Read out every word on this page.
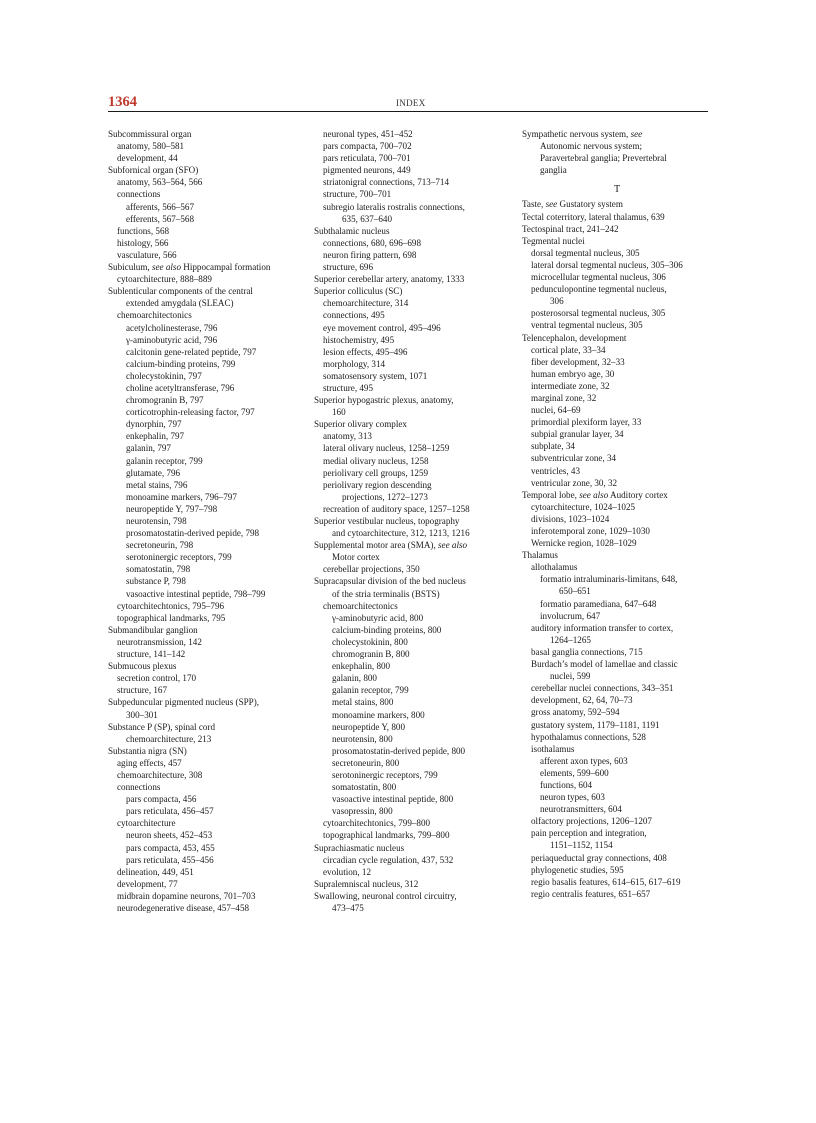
1364	INDEX
Subcommissural organ
anatomy, 580–581
development, 44
Subfornical organ (SFO)
anatomy, 563–564, 566
connections
afferents, 566–567
efferents, 567–568
functions, 568
histology, 566
vasculature, 566
Subiculum, see also Hippocampal formation
cytoarchitecture, 888–889
Sublenticular components of the central
extended amygdala (SLEAC)
chemoarchitectonics
acetylcholinesterase, 796
γ-aminobutyric acid, 796
calcitonin gene-related peptide, 797
calcium-binding proteins, 799
cholecystokinin, 797
choline acetyltransferase, 796
chromogranin B, 797
corticotrophin-releasing factor, 797
dynorphin, 797
enkephalin, 797
galanin, 797
galanin receptor, 799
glutamate, 796
metal stains, 796
monoamine markers, 796–797
neuropeptide Y, 797–798
neurotensin, 798
prosomatostatin-derived pepide, 798
secretoneurin, 798
serotoninergic receptors, 799
somatostatin, 798
substance P, 798
vasoactive intestinal peptide, 798–799
cytoarchitechtonics, 795–796
topographical landmarks, 795
Submandibular ganglion
neurotransmission, 142
structure, 141–142
Submucous plexus
secretion control, 170
structure, 167
Subpeduncular pigmented nucleus (SPP),
300–301
Substance P (SP), spinal cord
chemoarchitecture, 213
Substantia nigra (SN)
aging effects, 457
chemoarchitecture, 308
connections
pars compacta, 456
pars reticulata, 456–457
cytoarchitecture
neuron sheets, 452–453
pars compacta, 453, 455
pars reticulata, 455–456
delineation, 449, 451
development, 77
midbrain dopamine neurons, 701–703
neurodegenerative disease, 457–458
neuronal types, 451–452
pars compacta, 700–702
pars reticulata, 700–701
pigmented neurons, 449
striatonigral connections, 713–714
structure, 700–701
subregio lateralis rostralis connections,
635, 637–640
Subthalamic nucleus
connections, 680, 696–698
neuron firing pattern, 698
structure, 696
Superior cerebellar artery, anatomy, 1333
Superior colliculus (SC)
chemoarchitecture, 314
connections, 495
eye movement control, 495–496
histochemistry, 495
lesion effects, 495–496
morphology, 314
somatosensory system, 1071
structure, 495
Superior hypogastric plexus, anatomy,
160
Superior olivary complex
anatomy, 313
lateral olivary nucleus, 1258–1259
medial olivary nucleus, 1258
periolivary cell groups, 1259
periolivary region descending
projections, 1272–1273
recreation of auditory space, 1257–1258
Superior vestibular nucleus, topography
and cytoarchitecture, 312, 1213, 1216
Supplemental motor area (SMA), see also
Motor cortex
cerebellar projections, 350
Supracapsular division of the bed nucleus
of the stria terminalis (BSTS)
chemoarchitectonics
γ-aminobutyric acid, 800
calcium-binding proteins, 800
cholecystokinin, 800
chromogranin B, 800
enkephalin, 800
galanin, 800
galanin receptor, 799
metal stains, 800
monoamine markers, 800
neuropeptide Y, 800
neurotensin, 800
prosomatostatin-derived pepide, 800
secretoneurin, 800
serotoninergic receptors, 799
somatostatin, 800
vasoactive intestinal peptide, 800
vasopressin, 800
cytoarchitechtonics, 799–800
topographical landmarks, 799–800
Suprachiasmatic nucleus
circadian cycle regulation, 437, 532
evolution, 12
Supralemniscal nucleus, 312
Swallowing, neuronal control circuitry,
473–475
Sympathetic nervous system, see
Autonomic nervous system;
Paravertebral ganglia; Prevertebral
ganglia
T
Taste, see Gustatory system
Tectal coterritory, lateral thalamus, 639
Tectospinal tract, 241–242
Tegmental nuclei
dorsal tegmental nucleus, 305
lateral dorsal tegmental nucleus, 305–306
microcellular tegmental nucleus, 306
pedunculopontine tegmental nucleus,
306
posterosorsal tegmental nucleus, 305
ventral tegmental nucleus, 305
Telencephalon, development
cortical plate, 33–34
fiber development, 32–33
human embryo age, 30
intermediate zone, 32
marginal zone, 32
nuclei, 64–69
primordial plexiform layer, 33
subpial granular layer, 34
subplate, 34
subventricular zone, 34
ventricles, 43
ventricular zone, 30, 32
Temporal lobe, see also Auditory cortex
cytoarchitecture, 1024–1025
divisions, 1023–1024
inferotemporal zone, 1029–1030
Wernicke region, 1028–1029
Thalamus
allothalamus
formatio intraluminaris-limitans, 648,
650–651
formatio paramediana, 647–648
involucrum, 647
auditory information transfer to cortex,
1264–1265
basal ganglia connections, 715
Burdach’s model of lamellae and classic
nuclei, 599
cerebellar nuclei connections, 343–351
development, 62, 64, 70–73
gross anatomy, 592–594
gustatory system, 1179–1181, 1191
hypothalamus connections, 528
isothalamus
afferent axon types, 603
elements, 599–600
functions, 604
neuron types, 603
neurotransmitters, 604
olfactory projections, 1206–1207
pain perception and integration,
1151–1152, 1154
periaqueductal gray connections, 408
phylogenetic studies, 595
regio basalis features, 614–615, 617–619
regio centralis features, 651–657
